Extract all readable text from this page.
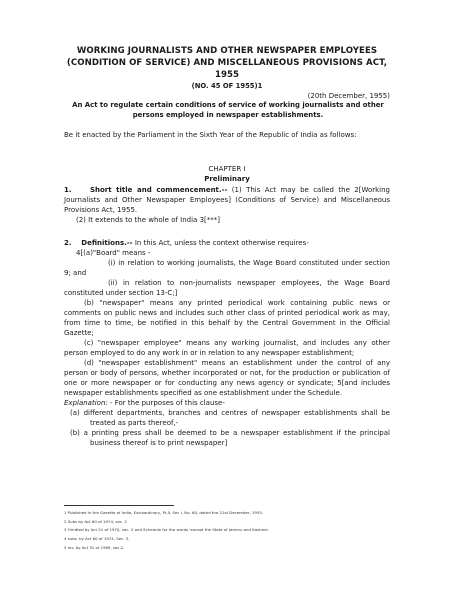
WORKING JOURNALISTS AND OTHER NEWSPAPER EMPLOYEES
(CONDITION OF SERVICE) AND MISCELLANEOUS PROVISIONS ACT,
1955
(NO. 45 OF 1955)1
(20th December, 1955)
An Act to regulate certain conditions of service of working journalists and other persons employed in newspaper establishments.
Be it enacted by the Parliament in the Sixth Year of the Republic of India as follows:
CHAPTER I
Preliminary

1.    Short title and commencement.-- (1) This Act may be called the 2[Working Journalists and Other Newspaper Employees] (Conditions of Service) and Miscellaneous Provisions Act, 1955.

(2) It extends to the whole of India 3[***]

2.    Definitions.-- In this Act, unless the context otherwise requires-

4[(a)"Board" means -

(i) in relation to working journalists, the Wage Board constituted under section 9; and

(ii) in relation to non-journalists newspaper employees, the Wage Board constituted under section 13-C;]

(b) "newspaper" means any printed periodical work containing public news or comments on public news and includes such other class of printed periodical work as may, from time to time, be notified in this behalf by the Central Government in the Official Gazette;

(c) "newspaper employee" means any working journalist, and includes any other person employed to do any work in or in relation to any newspaper establishment;

(d) "newspaper establishment" means an establishment under the control of any person or body of persons, whether incorporated or not, for the production or publication of one or more newspaper or for conducting any news agency or syndicate; 5[and includes newspaper establishments specified as one establishment under the Schedule.

Explanation: - For the purposes of this clause-

(a) different departments, branches and centres of newspaper establishments shall be treated as parts thereof,-

(b) a printing press shall be deemed to be a newspaper establishment if the principal business thereof is to print newspaper]

1 Published in the Gazette of India, Extraordinary, Pt.II, Sec I, No. 60, dated the 21st December, 1955.
2 Subs by Act 60 of 1974, sec. 2
3 Omitted by Act 51 of 1970, sec. 2 and Schedule for the words 'except the State of Jammu and Kashmir.
4 subs. by Act 60 of 1974, Sec. 3.
5 Ins. by Act 31 of 1989, sec.2.
